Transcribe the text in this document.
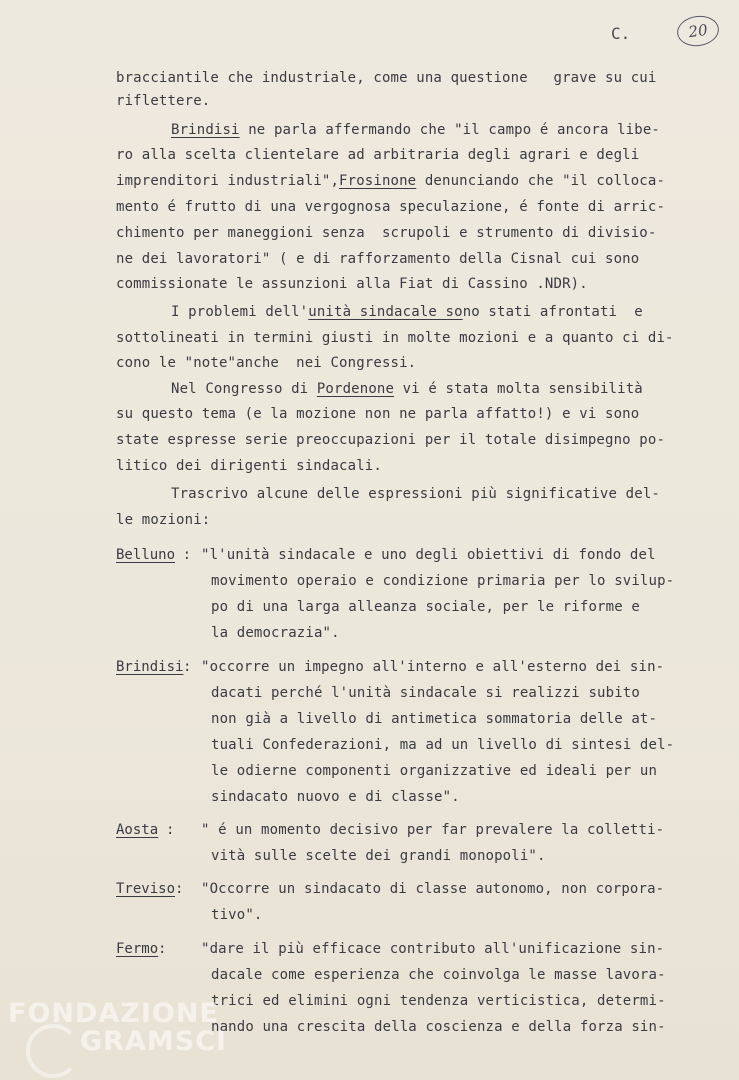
C.	20
bracciantile che industriale, come una questione   grave su cui
riflettere.
Brindisi ne parla affermando che "il campo é ancora libe-
ro alla scelta clientelare ad arbitraria degli agrari e degli
imprenditori industriali",Frosinone denunciando che "il colloca-
mento é frutto di una vergognosa speculazione, é fonte di arric-
chimento per maneggioni senza  scrupoli e strumento di divisio-
ne dei lavoratori" ( e di rafforzamento della Cisnal cui sono
commissionate le assunzioni alla Fiat di Cassino .NDR).
I problemi dell'unità sindacale sono stati afrontati  e
sottolineati in termini giusti in molte mozioni e a quanto ci di-
cono le "note"anche  nei Congressi.
Nel Congresso di Pordenone vi é stata molta sensibilità
su questo tema (e la mozione non ne parla affatto!) e vi sono
state espresse serie preoccupazioni per il totale disimpegno po-
litico dei dirigenti sindacali.
Trascrivo alcune delle espressioni più significative del-
le mozioni:
Belluno
: "l'unità sindacale e uno degli obiettivi di fondo del
movimento operaio e condizione primaria per lo svilup-
po di una larga alleanza sociale, per le riforme e
la democrazia".
Brindisi : "occorre un impegno all'interno e all'esterno dei sin-
dacati perché l'unità sindacale si realizzi subito
non già a livello di antimetica sommatoria delle at-
tuali Confederazioni, ma ad un livello di sintesi del-
le odierne componenti organizzative ed ideali per un
sindacato nuovo e di classe".
Aosta : " é un momento decisivo per far prevalere la colletti-
vità sulle scelte dei grandi monopoli".
Treviso : "Occorre un sindacato di classe autonomo, non corpora-
tivo".
Fermo : "dare il più efficace contributo all'unificazione sin-
dacale come esperienza che coinvolga le masse lavora-
trici ed elimini ogni tendenza verticistica, determi-
nando una crescita della coscienza e della forza sin-
FONDAZIONE
GRAMSCI
